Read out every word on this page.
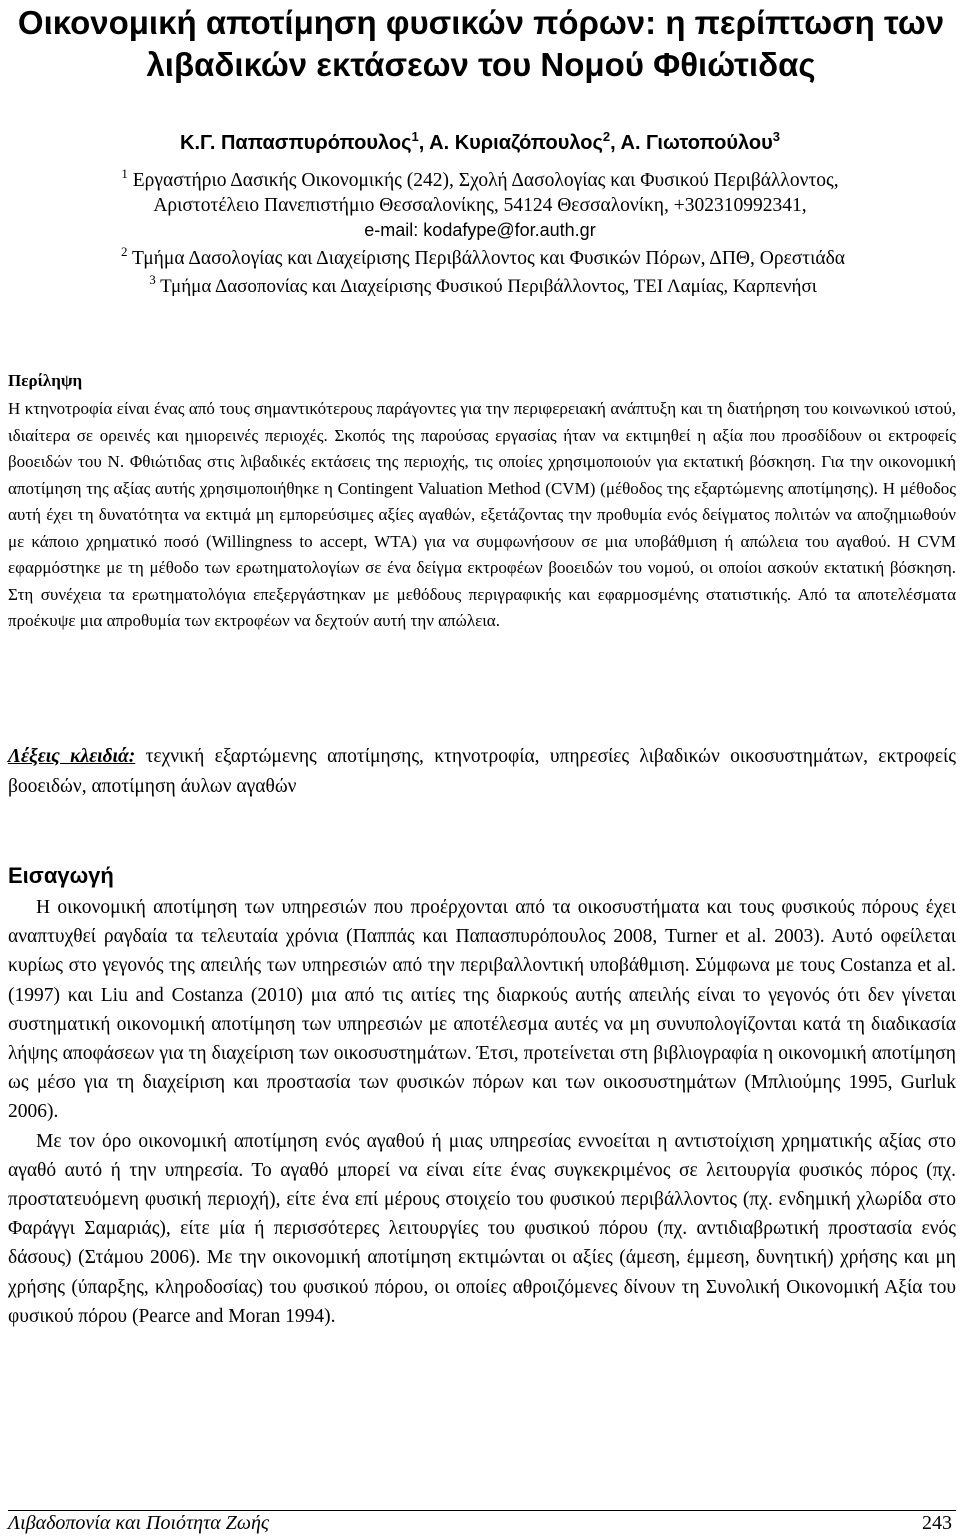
Οικονομική αποτίμηση φυσικών πόρων: η περίπτωση των λιβαδικών εκτάσεων του Νομού Φθιώτιδας
Κ.Γ. Παπασπυρόπουλος$^1$, Α. Κυριαζόπουλος$^2$, Α. Γιωτοπούλου$^3$
$^1$ Εργαστήριο Δασικής Οικονομικής (242), Σχολή Δασολογίας και Φυσικού Περιβάλλοντος,
Αριστοτέλειο Πανεπιστήμιο Θεσσαλονίκης, 54124 Θεσσαλονίκη, +302310992341,
e-mail: kodafype@for.auth.gr
$^2$ Τμήμα Δασολογίας και Διαχείρισης Περιβάλλοντος και Φυσικών Πόρων, ΔΠΘ, Ορεστιάδα
$^3$ Τμήμα Δασοπονίας και Διαχείρισης Φυσικού Περιβάλλοντος, ΤΕΙ Λαμίας, Καρπενήσι
Περίληψη

Η κτηνοτροφία είναι ένας από τους σημαντικότερους παράγοντες για την περιφερειακή ανάπτυξη και τη διατήρηση του κοινωνικού ιστού, ιδιαίτερα σε ορεινές και ημιορεινές περιοχές. Σκοπός της παρούσας εργασίας ήταν να εκτιμηθεί η αξία που προσδίδουν οι εκτροφείς βοοειδών του Ν. Φθιώτιδας στις λιβαδικές εκτάσεις της περιοχής, τις οποίες χρησιμοποιούν για εκτατική βόσκηση. Για την οικονομική αποτίμηση της αξίας αυτής χρησιμοποιήθηκε η Contingent Valuation Method (CVM) (μέθοδος της εξαρτώμενης αποτίμησης). Η μέθοδος αυτή έχει τη δυνατότητα να εκτιμά μη εμπορεύσιμες αξίες αγαθών, εξετάζοντας την προθυμία ενός δείγματος πολιτών να αποζημιωθούν με κάποιο χρηματικό ποσό (Willingness to accept, WTA) για να συμφωνήσουν σε μια υποβάθμιση ή απώλεια του αγαθού. Η CVM εφαρμόστηκε με τη μέθοδο των ερωτηματολογίων σε ένα δείγμα εκτροφέων βοοειδών του νομού, οι οποίοι ασκούν εκτατική βόσκηση. Στη συνέχεια τα ερωτηματολόγια επεξεργάστηκαν με μεθόδους περιγραφικής και εφαρμοσμένης στατιστικής. Από τα αποτελέσματα προέκυψε μια απροθυμία των εκτροφέων να δεχτούν αυτή την απώλεια.

Λέξεις κλειδιά: τεχνική εξαρτώμενης αποτίμησης, κτηνοτροφία, υπηρεσίες λιβαδικών οικοσυστημάτων, εκτροφείς βοοειδών, αποτίμηση άυλων αγαθών

Εισαγωγή

Η οικονομική αποτίμηση των υπηρεσιών που προέρχονται από τα οικοσυστήματα και τους φυσικούς πόρους έχει αναπτυχθεί ραγδαία τα τελευταία χρόνια (Παππάς και Παπασπυρόπουλος 2008, Turner et al. 2003). Αυτό οφείλεται κυρίως στο γεγονός της απειλής των υπηρεσιών από την περιβαλλοντική υποβάθμιση. Σύμφωνα με τους Costanza et al. (1997) και Liu and Costanza (2010) μια από τις αιτίες της διαρκούς αυτής απειλής είναι το γεγονός ότι δεν γίνεται συστηματική οικονομική αποτίμηση των υπηρεσιών με αποτέλεσμα αυτές να μη συνυπολογίζονται κατά τη διαδικασία λήψης αποφάσεων για τη διαχείριση των οικοσυστημάτων. Έτσι, προτείνεται στη βιβλιογραφία η οικονομική αποτίμηση ως μέσο για τη διαχείριση και προστασία των φυσικών πόρων και των οικοσυστημάτων (Μπλιούμης 1995, Gurluk 2006).

Με τον όρο οικονομική αποτίμηση ενός αγαθού ή μιας υπηρεσίας εννοείται η αντιστοίχιση χρηματικής αξίας στο αγαθό αυτό ή την υπηρεσία. Το αγαθό μπορεί να είναι είτε ένας συγκεκριμένος σε λειτουργία φυσικός πόρος (πχ. προστατευόμενη φυσική περιοχή), είτε ένα επί μέρους στοιχείο του φυσικού περιβάλλοντος (πχ. ενδημική χλωρίδα στο Φαράγγι Σαμαριάς), είτε μία ή περισσότερες λειτουργίες του φυσικού πόρου (πχ. αντιδιαβρωτική προστασία ενός δάσους) (Στάμου 2006). Με την οικονομική αποτίμηση εκτιμώνται οι αξίες (άμεση, έμμεση, δυνητική) χρήσης και μη χρήσης (ύπαρξης, κληροδοσίας) του φυσικού πόρου, οι οποίες αθροιζόμενες δίνουν τη Συνολική Οικονομική Αξία του φυσικού πόρου (Pearce and Moran 1994).

Λιβαδοπονία και Ποιότητα Ζωής	243
